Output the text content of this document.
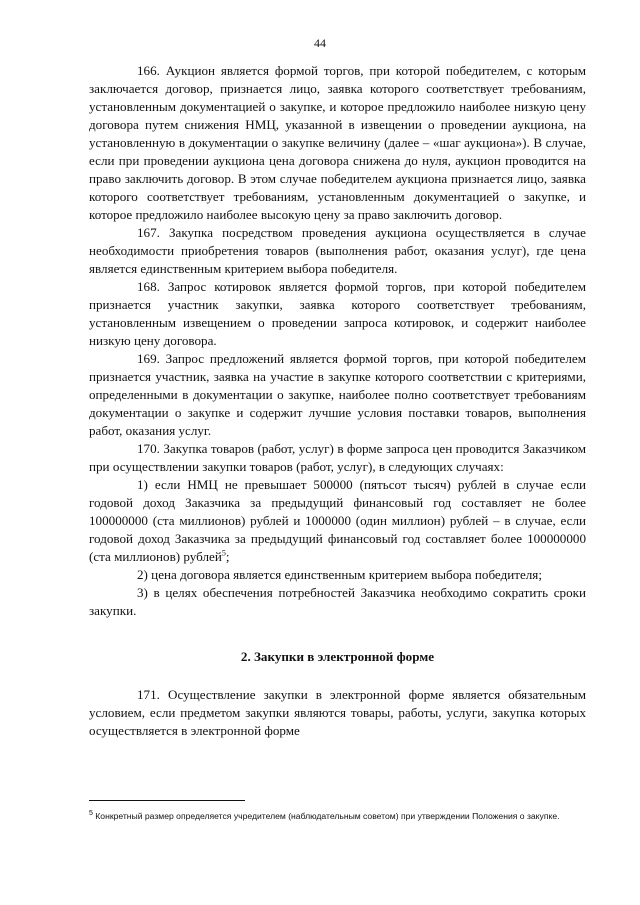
44

166. Аукцион является формой торгов, при которой победителем, с которым заключается договор, признается лицо, заявка которого соответствует требованиям, установленным документацией о закупке, и которое предложило наиболее низкую цену договора путем снижения НМЦ, указанной в извещении о проведении аукциона, на установленную в документации о закупке величину (далее – «шаг аукциона»). В случае, если при проведении аукциона цена договора снижена до нуля, аукцион проводится на право заключить договор. В этом случае победителем аукциона признается лицо, заявка которого соответствует требованиям, установленным документацией о закупке, и которое предложило наиболее высокую цену за право заключить договор.

167. Закупка посредством проведения аукциона осуществляется в случае необходимости приобретения товаров (выполнения работ, оказания услуг), где цена является единственным критерием выбора победителя.

168. Запрос котировок является формой торгов, при которой победителем признается участник закупки, заявка которого соответствует требованиям, установленным извещением о проведении запроса котировок, и содержит наиболее низкую цену договора.

169. Запрос предложений является формой торгов, при которой победителем признается участник, заявка на участие в закупке которого соответствии с критериями, определенными в документации о закупке, наиболее полно соответствует требованиям документации о закупке и содержит лучшие условия поставки товаров, выполнения работ, оказания услуг.

170. Закупка товаров (работ, услуг) в форме запроса цен проводится Заказчиком при осуществлении закупки товаров (работ, услуг), в следующих случаях:

1) если НМЦ не превышает 500000 (пятьсот тысяч) рублей в случае если годовой доход Заказчика за предыдущий финансовый год составляет не более 100000000 (ста миллионов) рублей и 1000000 (один миллион) рублей – в случае, если годовой доход Заказчика за предыдущий финансовый год составляет более 100000000 (ста миллионов) рублей$^5$;

2) цена договора является единственным критерием выбора победителя;

3) в целях обеспечения потребностей Заказчика необходимо сократить сроки закупки.

2. Закупки в электронной форме

171. Осуществление закупки в электронной форме является обязательным условием, если предметом закупки являются товары, работы, услуги, закупка которых осуществляется в электронной форме

$^5$ Конкретный размер определяется учредителем (наблюдательным советом) при утверждении Положения о закупке.
